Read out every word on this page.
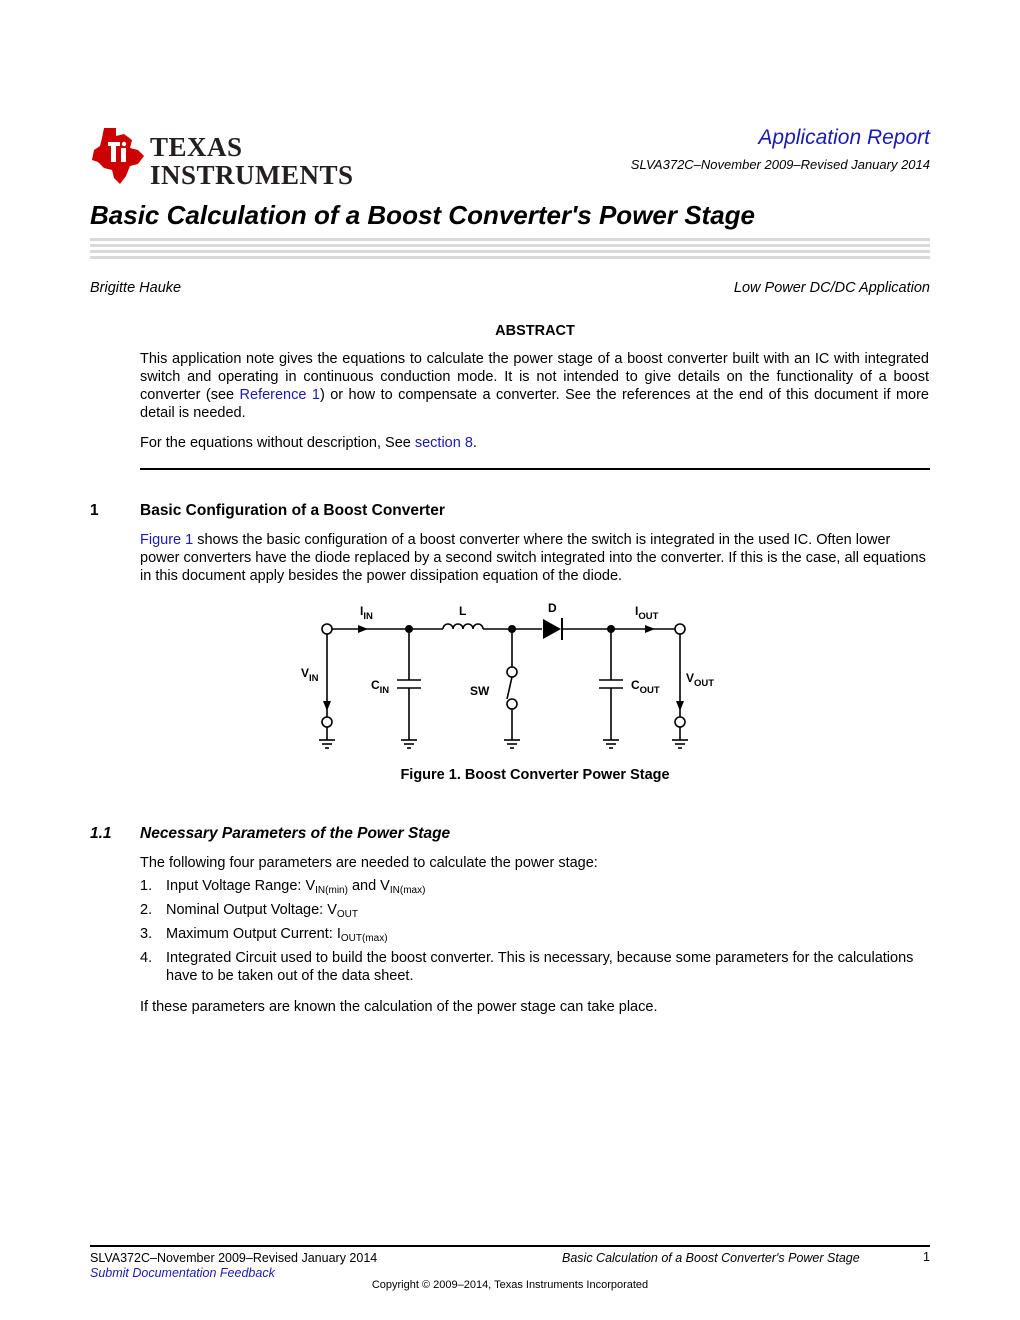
TEXAS
INSTRUMENTS
Application Report
SLVA372C–November 2009–Revised January 2014
Basic Calculation of a Boost Converter's Power Stage
Brigitte Hauke	Low Power DC/DC Application
ABSTRACT
This application note gives the equations to calculate the power stage of a boost converter built with an IC with integrated switch and operating in continuous conduction mode. It is not intended to give details on the functionality of a boost converter (see Reference 1) or how to compensate a converter. See the references at the end of this document if more detail is needed.
For the equations without description, See section 8.
1	Basic Configuration of a Boost Converter
Figure 1 shows the basic configuration of a boost converter where the switch is integrated in the used IC. Often lower power converters have the diode replaced by a second switch integrated into the converter. If this is the case, all equations in this document apply besides the power dissipation equation of the diode.
$I_{IN}$	L	D	$I_{OUT}$
$V_{IN}$	$C_{IN}$	SW	$C_{OUT}$
$V_{OUT}$
Figure 1. Boost Converter Power Stage
1.1 Necessary Parameters of the Power Stage
The following four parameters are needed to calculate the power stage:
1. Input Voltage Range: $V_{IN(min)}$ and $V_{IN(max)}$
2. Nominal Output Voltage: $V_{OUT}$
3. Maximum Output Current: $I_{OUT(max)}$
4. Integrated Circuit used to build the boost converter. This is necessary, because some parameters for the calculations have to be taken out of the data sheet.
If these parameters are known the calculation of the power stage can take place.
SLVA372C–November 2009–Revised January 2014	Basic Calculation of a Boost Converter's Power Stage	1
Submit Documentation Feedback
Copyright © 2009–2014, Texas Instruments Incorporated
